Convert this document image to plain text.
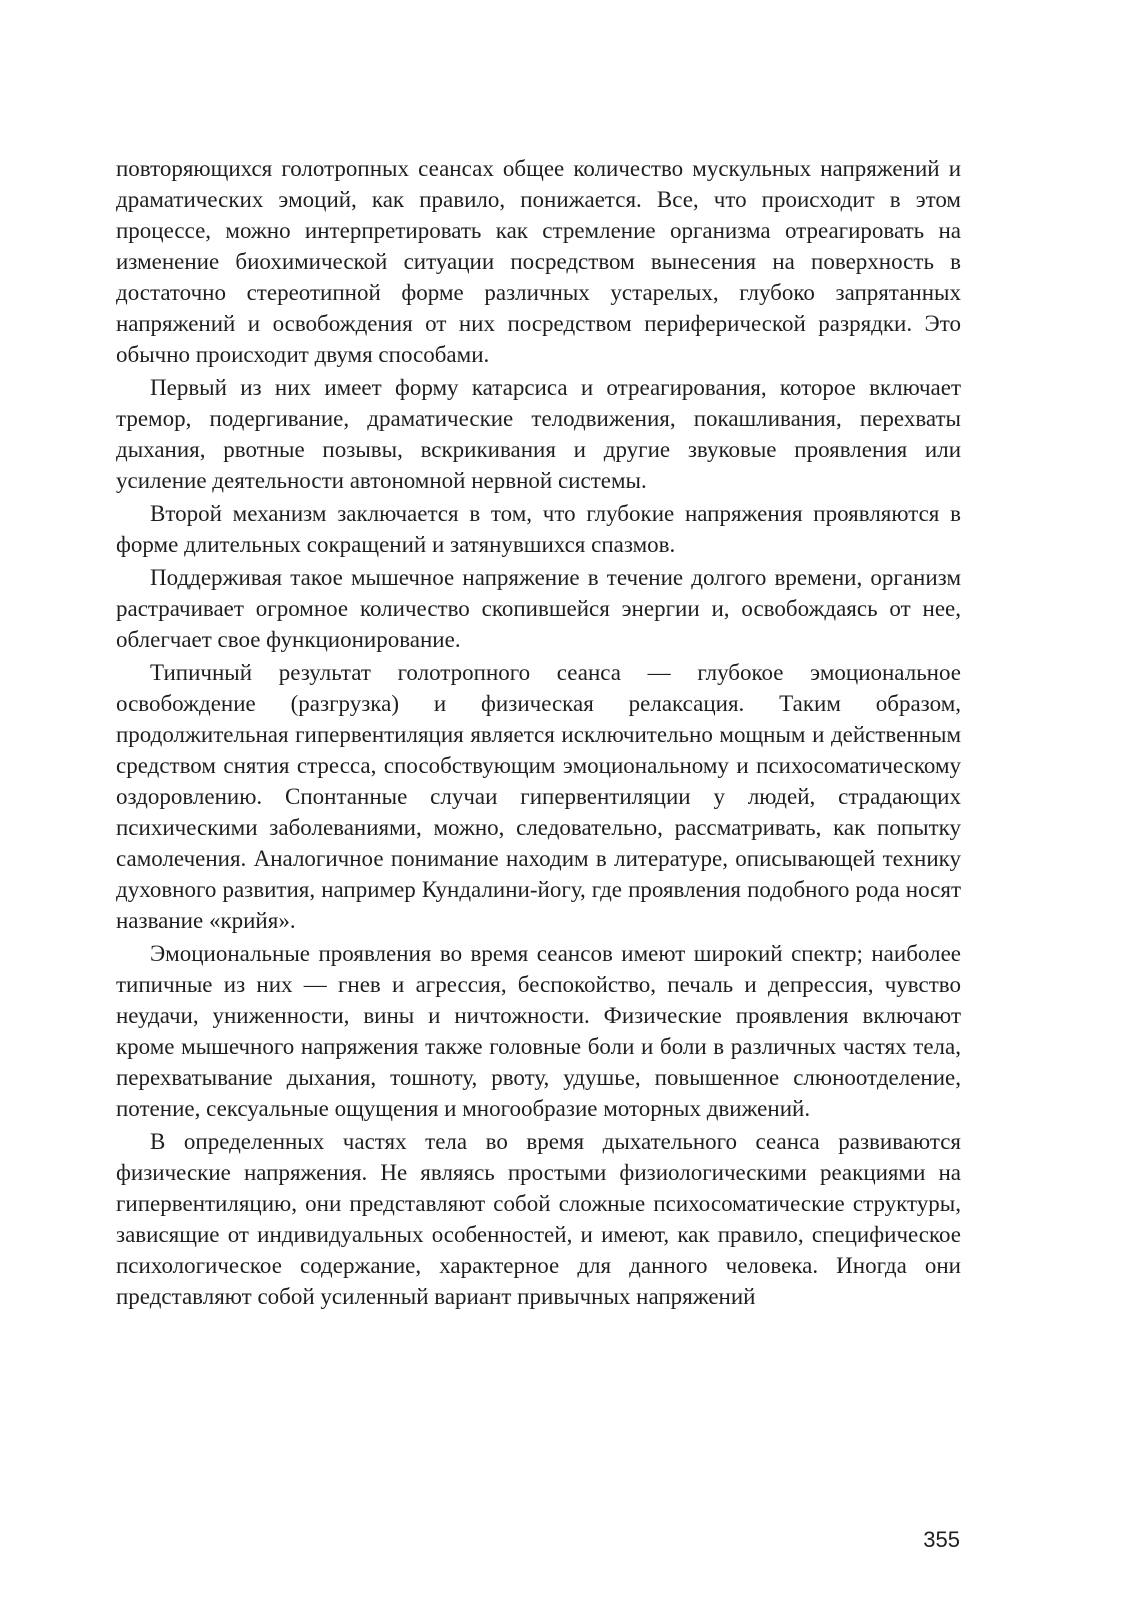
повторяющихся голотропных сеансах общее количество мускульных напряжений и драматических эмоций, как правило, понижается. Все, что происходит в этом процессе, можно интерпретировать как стремление организма отреагировать на изменение биохимической ситуации посредством вынесения на поверхность в достаточно стереотипной форме различных устарелых, глубоко запрятанных напряжений и освобождения от них посредством периферической разрядки. Это обычно происходит двумя способами.

Первый из них имеет форму катарсиса и отреагирования, которое включает тремор, подергивание, драматические телодвижения, покашливания, перехваты дыхания, рвотные позывы, вскрикивания и другие звуковые проявления или усиление деятельности автономной нервной системы.

Второй механизм заключается в том, что глубокие напряжения проявляются в форме длительных сокращений и затянувшихся спазмов.

Поддерживая такое мышечное напряжение в течение долгого времени, организм растрачивает огромное количество скопившейся энергии и, освобождаясь от нее, облегчает свое функционирование.

Типичный результат голотропного сеанса — глубокое эмоциональное освобождение (разгрузка) и физическая релаксация. Таким образом, продолжительная гипервентиляция является исключительно мощным и действенным средством снятия стресса, способствующим эмоциональному и психосоматическому оздоровлению. Спонтанные случаи гипервентиляции у людей, страдающих психическими заболеваниями, можно, следовательно, рассматривать, как попытку самолечения. Аналогичное понимание находим в литературе, описывающей технику духовного развития, например Кундалини-йогу, где проявления подобного рода носят название «крийя».

Эмоциональные проявления во время сеансов имеют широкий спектр; наиболее типичные из них — гнев и агрессия, беспокойство, печаль и депрессия, чувство неудачи, униженности, вины и ничтожности. Физические проявления включают кроме мышечного напряжения также головные боли и боли в различных частях тела, перехватывание дыхания, тошноту, рвоту, удушье, повышенное слюноотделение, потение, сексуальные ощущения и многообразие моторных движений.

В определенных частях тела во время дыхательного сеанса развиваются физические напряжения. Не являясь простыми физиологическими реакциями на гипервентиляцию, они представляют собой сложные психосоматические структуры, зависящие от индивидуальных особенностей, и имеют, как правило, специфическое психологическое содержание, характерное для данного человека. Иногда они представляют собой усиленный вариант привычных напряжений

355
